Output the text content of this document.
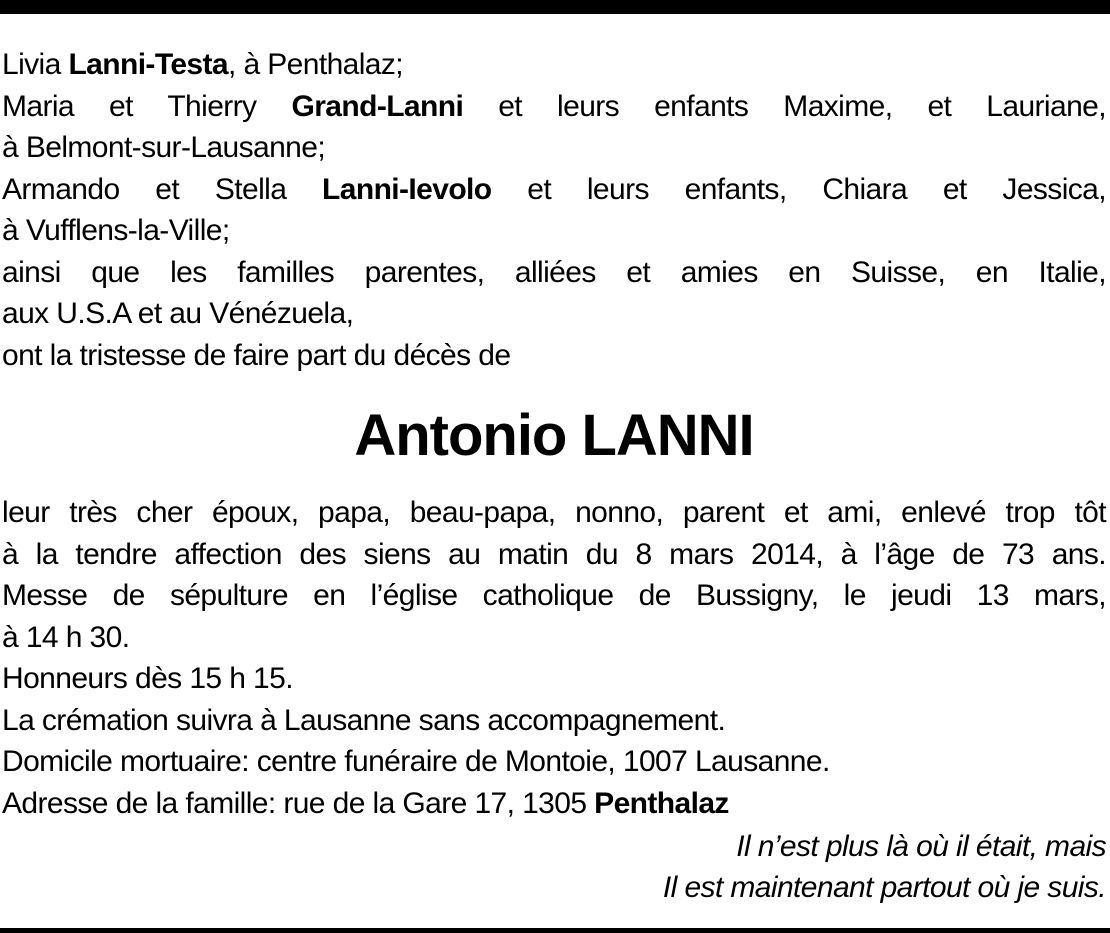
Livia Lanni-Testa, à Penthalaz;
Maria et Thierry Grand-Lanni et leurs enfants Maxime, et Lauriane,
à Belmont-sur-Lausanne;
Armando et Stella Lanni-Ievolo et leurs enfants, Chiara et Jessica,
à Vufflens-la-Ville;
ainsi que les familles parentes, alliées et amies en Suisse, en Italie,
aux U.S.A et au Vénézuela,
ont la tristesse de faire part du décès de
Antonio LANNI
leur très cher époux, papa, beau-papa, nonno, parent et ami, enlevé trop tôt
à la tendre affection des siens au matin du 8 mars 2014, à l’âge de 73 ans.
Messe de sépulture en l’église catholique de Bussigny, le jeudi 13 mars,
à 14 h 30.
Honneurs dès 15 h 15.
La crémation suivra à Lausanne sans accompagnement.
Domicile mortuaire: centre funéraire de Montoie, 1007 Lausanne.
Adresse de la famille: rue de la Gare 17, 1305 Penthalaz
Il n’est plus là où il était, mais
Il est maintenant partout où je suis.
